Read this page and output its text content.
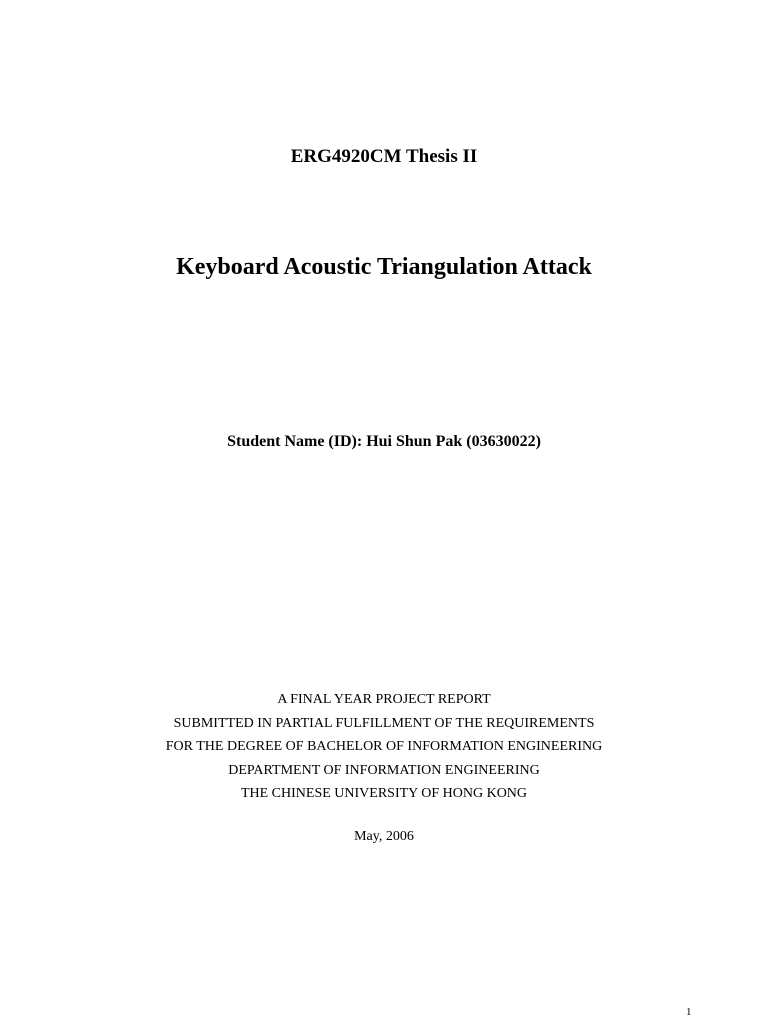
ERG4920CM Thesis II
Keyboard Acoustic Triangulation Attack
Student Name (ID): Hui Shun Pak (03630022)
A FINAL YEAR PROJECT REPORT
SUBMITTED IN PARTIAL FULFILLMENT OF THE REQUIREMENTS
FOR THE DEGREE OF BACHELOR OF INFORMATION ENGINEERING
DEPARTMENT OF INFORMATION ENGINEERING
THE CHINESE UNIVERSITY OF HONG KONG
May, 2006
1
